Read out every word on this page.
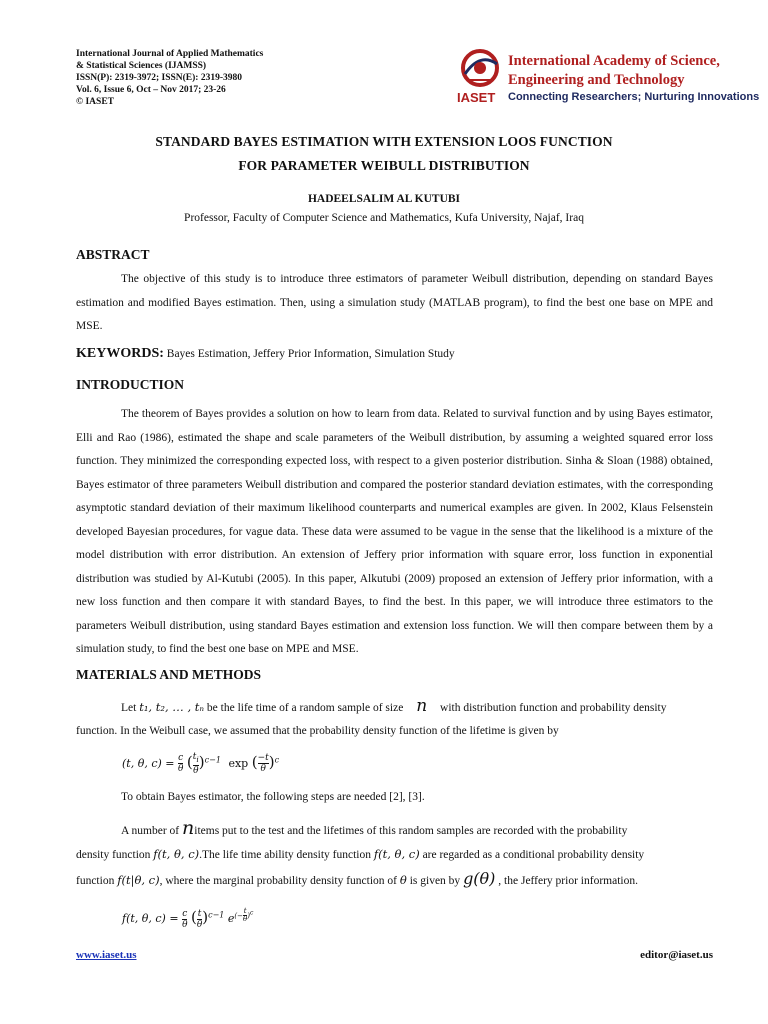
International Journal of Applied Mathematics
& Statistical Sciences (IJAMSS)
ISSN(P): 2319-3972; ISSN(E): 2319-3980
Vol. 6, Issue 6, Oct – Nov 2017; 23-26
© IASET	IASET
International Academy of Science,
Engineering and Technology
Connecting Researchers; Nurturing Innovations
STANDARD BAYES ESTIMATION WITH EXTENSION LOOS FUNCTION
FOR PARAMETER WEIBULL DISTRIBUTION
HADEELSALIM AL KUTUBI
Professor, Faculty of Computer Science and Mathematics, Kufa University, Najaf, Iraq
ABSTRACT

The objective of this study is to introduce three estimators of parameter Weibull distribution, depending on standard Bayes estimation and modified Bayes estimation. Then, using a simulation study (MATLAB program), to find the best one base on MPE and MSE.

KEYWORDS: Bayes Estimation, Jeffery Prior Information, Simulation Study
INTRODUCTION

The theorem of Bayes provides a solution on how to learn from data. Related to survival function and by using Bayes estimator, Elli and Rao (1986), estimated the shape and scale parameters of the Weibull distribution, by assuming a weighted squared error loss function. They minimized the corresponding expected loss, with respect to a given posterior distribution. Sinha & Sloan (1988) obtained, Bayes estimator of three parameters Weibull distribution and compared the posterior standard deviation estimates, with the corresponding asymptotic standard deviation of their maximum likelihood counterparts and numerical examples are given. In 2002, Klaus Felsenstein developed Bayesian procedures, for vague data. These data were assumed to be vague in the sense that the likelihood is a mixture of the model distribution with error distribution. An extension of Jeffery prior information with square error, loss function in exponential distribution was studied by Al-Kutubi (2005). In this paper, Alkutubi (2009) proposed an extension of Jeffery prior information, with a new loss function and then compare it with standard Bayes, to find the best. In this paper, we will introduce three estimators to the parameters Weibull distribution, using standard Bayes estimation and extension loss function. We will then compare between them by a simulation study, to find the best one base on MPE and MSE.

MATERIALS AND METHODS
Let t₁, t₂, … , tₙ be the life time of a random sample of size n with distribution function and probability density
function. In the Weibull case, we assumed that the probability density function of the lifetime is given by
(t, θ, c) = c
θ ( $t_i$
θ)$^{c-1}$ exp ( −t
θ )$^c$

To obtain Bayes estimator, the following steps are needed [2], [3].

A number of nitems put to the test and the lifetimes of this random samples are recorded with the probability
density function f(t, θ, c).The life time ability density function f(t, θ, c) are regarded as a conditional probability density
function f(t|θ, c), where the marginal probability density function of θ is given by g(θ) , the Jeffery prior information.
f(t, θ, c) = c
θ ( t
θ)$^{c-1}$ $e^{(- t \theta)^c}$
www.iaset.us	editor@iaset.us
